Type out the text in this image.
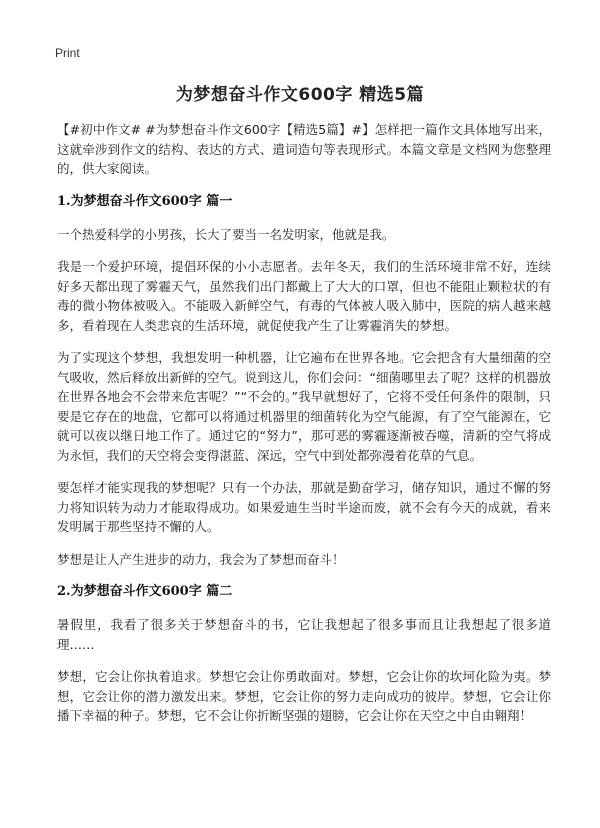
Print
为梦想奋斗作文600字 精选5篇

【#初中作文# #为梦想奋斗作文600字【精选5篇】#】怎样把一篇作文具体地写出来，这就牵涉到作文的结构、表达的方式、遣词造句等表现形式。本篇文章是文档网为您整理的，供大家阅读。

1.为梦想奋斗作文600字 篇一

一个热爱科学的小男孩，长大了要当一名发明家，他就是我。

我是一个爱护环境，提倡环保的小小志愿者。去年冬天，我们的生活环境非常不好，连续好多天都出现了雾霾天气，虽然我们出门都戴上了大大的口罩，但也不能阻止颗粒状的有毒的微小物体被吸入。不能吸入新鲜空气，有毒的气体被人吸入肺中，医院的病人越来越多，看着现在人类悲哀的生活环境，就促使我产生了让雾霾消失的梦想。

为了实现这个梦想，我想发明一种机器，让它遍布在世界各地。它会把含有大量细菌的空气吸收，然后释放出新鲜的空气。说到这儿，你们会问：“细菌哪里去了呢？这样的机器放在世界各地会不会带来危害呢？”“不会的。”我早就想好了，它将不受任何条件的限制，只要是它存在的地盘，它都可以将通过机器里的细菌转化为空气能源，有了空气能源在，它就可以夜以继日地工作了。通过它的“努力”，那可恶的雾霾逐渐被吞噬，清新的空气将成为永恒，我们的天空将会变得湛蓝、深远，空气中到处都弥漫着花草的气息。

要怎样才能实现我的梦想呢？只有一个办法，那就是勤奋学习，储存知识，通过不懈的努力将知识转为动力才能取得成功。如果爱迪生当时半途而废，就不会有今天的成就，看来发明属于那些坚持不懈的人。

梦想是让人产生进步的动力，我会为了梦想而奋斗！

2.为梦想奋斗作文600字 篇二

暑假里，我看了很多关于梦想奋斗的书，它让我想起了很多事而且让我想起了很多道理……

梦想，它会让你执着追求。梦想它会让你勇敢面对。梦想，它会让你的坎坷化险为夷。梦想，它会让你的潜力激发出来。梦想，它会让你的努力走向成功的彼岸。梦想，它会让你播下幸福的种子。梦想，它不会让你折断坚强的翅膀，它会让你在天空之中自由翱翔！
